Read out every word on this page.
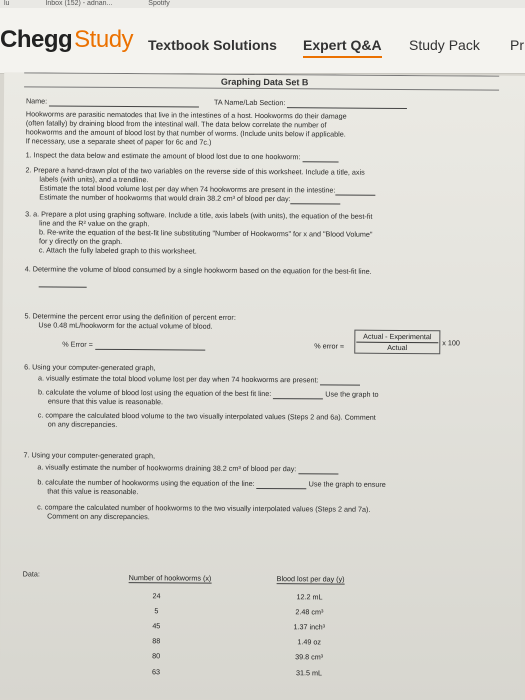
lu	Inbox (152) - adnan...	Spotify
CheggStudy Textbook Solutions Expert Q&A Study Pack Pr
Graphing Data Set B
Name:	TA Name/Lab Section:
Hookworms are parasitic nematodes that live in the intestines of a host. Hookworms do their damage
(often fatally) by draining blood from the intestinal wall. The data below correlate the number of
hookworms and the amount of blood lost by that number of worms. (Include units below if applicable.
If necessary, use a separate sheet of paper for 6c and 7c.)
1. Inspect the data below and estimate the amount of blood lost due to one hookworm:
2. Prepare a hand-drawn plot of the two variables on the reverse side of this worksheet. Include a title, axis
labels (with units), and a trendline.
Estimate the total blood volume lost per day when 74 hookworms are present in the intestine:
Estimate the number of hookworms that would drain 38.2 cm³ of blood per day:
3. a. Prepare a plot using graphing software. Include a title, axis labels (with units), the equation of the best-fit
line and the R² value on the graph.
b. Re-write the equation of the best-fit line substituting "Number of Hookworms" for x and "Blood Volume"
for y directly on the graph.
c. Attach the fully labeled graph to this worksheet.
4. Determine the volume of blood consumed by a single hookworm based on the equation for the best-fit line.
5. Determine the percent error using the definition of percent error:
Use 0.48 mL/hookworm for the actual volume of blood.
% error =
Actual - Experimental
Actual
x 100
% Error =
6. Using your computer-generated graph,
a. visually estimate the total blood volume lost per day when 74 hookworms are present:
b. calculate the volume of blood lost using the equation of the best fit line:	Use the graph to
ensure that this value is reasonable.
c. compare the calculated blood volume to the two visually interpolated values (Steps 2 and 6a). Comment
on any discrepancies.
7. Using your computer-generated graph,
a. visually estimate the number of hookworms draining 38.2 cm³ of blood per day:
b. calculate the number of hookworms using the equation of the line:	Use the graph to ensure
that this value is reasonable.
c. compare the calculated number of hookworms to the two visually interpolated values (Steps 2 and 7a).
Comment on any discrepancies.
Data:	Number of hookworms (x)	Blood lost per day (y)
24	12.2 mL
5	2.48 cm³
45	1.37 inch³
88	1.49 oz
80	39.8 cm³
63	31.5 mL
